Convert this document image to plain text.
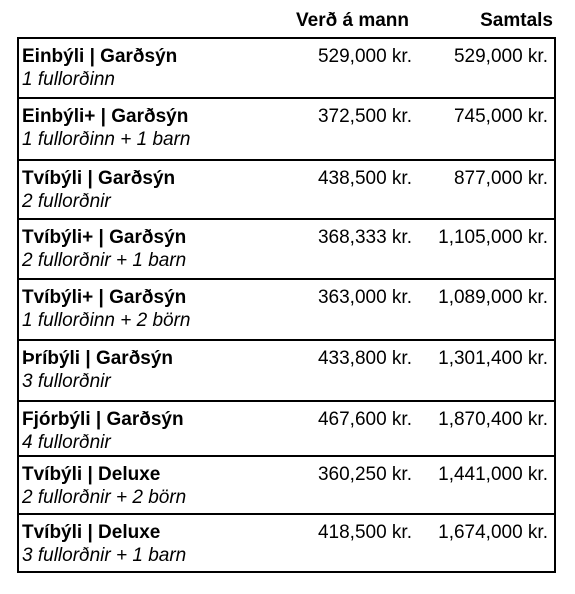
Verð á mann	Samtals
Einbýli | Garðsýn
1 fullorðinn	529,000 kr.	529,000 kr.

Einbýli+ | Garðsýn
1 fullorðinn + 1 barn	372,500 kr.	745,000 kr.

Tvíbýli | Garðsýn
2 fullorðnir	438,500 kr.	877,000 kr.

Tvíbýli+ | Garðsýn
2 fullorðnir + 1 barn	368,333 kr.	1,105,000 kr.

Tvíbýli+ | Garðsýn
1 fullorðinn + 2 börn	363,000 kr.	1,089,000 kr.

Þríbýli | Garðsýn
3 fullorðnir	433,800 kr.	1,301,400 kr.

Fjórbýli | Garðsýn
4 fullorðnir	467,600 kr.	1,870,400 kr.

Tvíbýli | Deluxe
2 fullorðnir + 2 börn	360,250 kr.	1,441,000 kr.

Tvíbýli | Deluxe
3 fullorðnir + 1 barn	418,500 kr.	1,674,000 kr.
